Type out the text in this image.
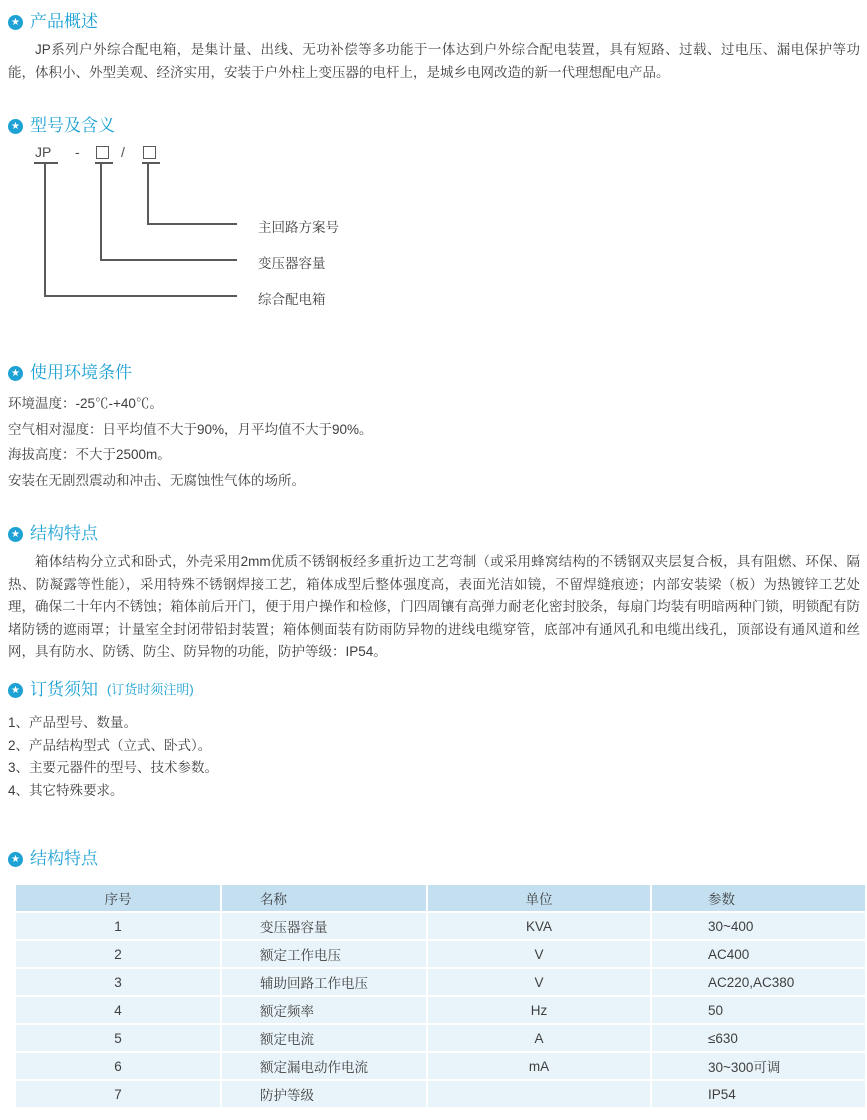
★ 产品概述
JP系列户外综合配电箱，是集计量、出线、无功补偿等多功能于一体达到户外综合配电装置，具有短路、过载、过电压、漏电保护等功能，体积小、外型美观、经济实用，安装于户外柱上变压器的电杆上，是城乡电网改造的新一代理想配电产品。
★ 型号及含义
JP -	/
主回路方案号
变压器容量
综合配电箱
★ 使用环境条件
环境温度：-25℃-+40℃。
空气相对湿度：日平均值不大于90%，月平均值不大于90%。
海拔高度：不大于2500m。
安装在无剧烈震动和冲击、无腐蚀性气体的场所。
★ 结构特点
箱体结构分立式和卧式，外壳采用2mm优质不锈钢板经多重折边工艺弯制（或采用蜂窝结构的不锈钢双夹层复合板，具有阻燃、环保、隔热、防凝露等性能），采用特殊不锈钢焊接工艺，箱体成型后整体强度高，表面光洁如镜，不留焊缝痕迹；内部安装梁（板）为热镀锌工艺处理，确保二十年内不锈蚀；箱体前后开门，便于用户操作和检修，门四周镶有高弹力耐老化密封胶条，每扇门均装有明暗两种门锁，明锁配有防堵防锈的遮雨罩；计量室全封闭带铅封装置；箱体侧面装有防雨防异物的进线电缆穿管，底部冲有通风孔和电缆出线孔，顶部设有通风道和丝网，具有防水、防锈、防尘、防异物的功能，防护等级：IP54。
★ 订货须知 (订货时须注明)
1、产品型号、数量。
2、产品结构型式（立式、卧式）。
3、主要元器件的型号、技术参数。
4、其它特殊要求。
★ 结构特点
序号	名称	单位	参数
1	变压器容量	KVA	30~400
2	额定工作电压	V	AC400
3	辅助回路工作电压	V	AC220,AC380
4	额定频率	Hz	50
5	额定电流	A	≤630
6	额定漏电动作电流	mA	30~300可调
7	防护等级		IP54
